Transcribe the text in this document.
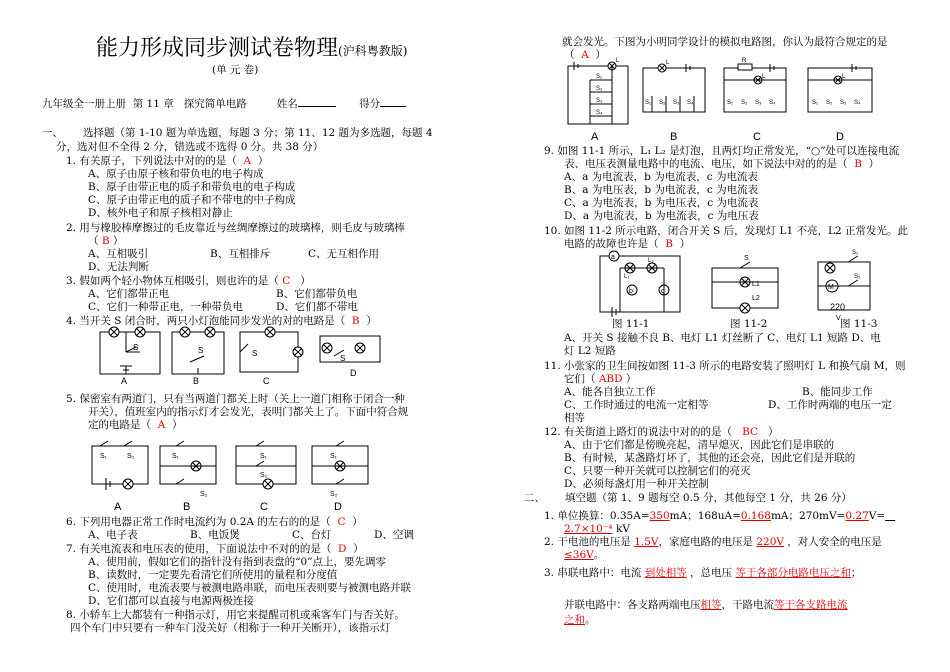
能力形成同步测试卷物理(沪科粤教版)
(单 元 卷)
九年级全一册上册 第 11 章 探究简单电路	姓名	得分
一、 选择题（第 1-10 题为单选题，每题 3 分；第 11、12 题为多选题，每题 4
分，选对但不全得 2 分，错选或不选得 0 分。共 38 分）
1. 有关原子，下列说法中对的的是（ A ）
A、原子由原子核和带负电的电子构成
B、原子由带正电的质子和带负电的电子构成
C、原子由带正电的质子和不带电的中子构成
D、核外电子和原子核相对静止
2. 用与橡胶棒摩擦过的毛皮靠近与丝绸摩擦过的玻璃棒，则毛皮与玻璃棒
（ B ）
A、互相吸引	B、互相排斥	C、无互相作用
D、无法判断
3. 假如两个轻小物体互相吸引，则也许的是（ C ）
A、它们都带正电	B、它们都带负电
C、它们一种带正电，一种带负电	D、它们都不带电
4. 当开关 S 闭合时，两只小灯泡能同步发光的对的电路是（ B ）
S
A
S
B
S
C
S
D
5. 保密室有两道门，只有当两道门都关上时（关上一道门相称于闭合一种
开关），值班室内的指示灯才会发光，表明门都关上了。下面中符合规
定的电路是（ A ）
S₁	S₂
A
S₁
S₂
B
S₁
S₂
C
S₁
S₂
D
6. 下列用电器正常工作时电流约为 0.2A 的左右的的是（ C ）
A、电子表	B、电饭煲	C、台灯	D、空调
7. 有关电流表和电压表的使用，下面说法中不对的的是（ D ）
A、使用前，假如它们的指针没有指到表盘的“0”点上，要先调零
B、读数时，一定要先看清它们所使用的量程和分度值
C、使用时，电流表要与被测电路串联，而电压表则要与被测电路并联
D、它们都可以直接与电源两极连接
8. 小轿车上大都装有一种指示灯，用它来提醒司机或乘客车门与否关好。
四个车门中只要有一种车门没关好（相称于一种开关断开），该指示灯
就会发光。下图为小明同学设计的模拟电路图，你认为最符合规定的是
（ A ）
S₁
S₂
S₃
S₄
L
A
L
S₁ S₂ S₃ S₄
B
R
L
S₁ S₂ S₃ S₄
C
L
S₁ S₂ S₃ S₄
D
9. 如图 11-1 所示，L₁ L₂ 是灯泡，且两灯均正常发光，“○”处可以连接电流
表、电压表测量电路中的电流、电压，如下说法中对的的是（ B ）
A、a 为电流表，b 为电流表，c 为电流表
B、a 为电压表，b 为电流表，c 为电流表
C、a 为电流表，b 为电压表，c 为电流表
D、a 为电流表，b 为电流表，c 为电压表
10. 如图 11-2 所示电路，闭合开关 S 后，发现灯 L1 不亮，L2 正常发光。此
电路的故障也许是（ B ）
a
b	c
L₁
L₂	S
L1
L2
S₁
S₂
M
220
V
图 11-1	图 11-2	图 11-3
A、开关 S 接触不良 B、电灯 L1 灯丝断了 C、电灯 L1 短路 D、电
灯 L2 短路
11. 小张家的卫生间按如图 11-3 所示的电路安装了照明灯 L 和换气扇 M，则
它们（ ABD ）
A、能各自独立工作	B、能同步工作
C、工作时通过的电流一定相等	D、工作时两端的电压一定
相等
12. 有关街道上路灯的说法中对的的是（ BC ）
A、由于它们都是傍晚亮起，清早熄灭，因此它们是串联的
B、有时候，某盏路灯坏了，其他的还会亮，因此它们是并联的
C、只要一种开关就可以控制它们的亮灭
D、必须每盏灯用一种开关控制
二、 填空题（第 1、9 题每空 0.5 分，其他每空 1 分，共 26 分）
1. 单位换算：0.35A=350mA；168uA=0.168mA；270mV=0.27V=
2.7×10⁻⁴ kV
2. 干电池的电压是 1.5V，家庭电路的电压是 220V ，对人安全的电压是
≤36V。
3. 串联电路中：电流 到处相等 ，总电压 等于各部分电路电压之和；
并联电路中：各支路两端电压相等，干路电流等于各支路电流
之和。
